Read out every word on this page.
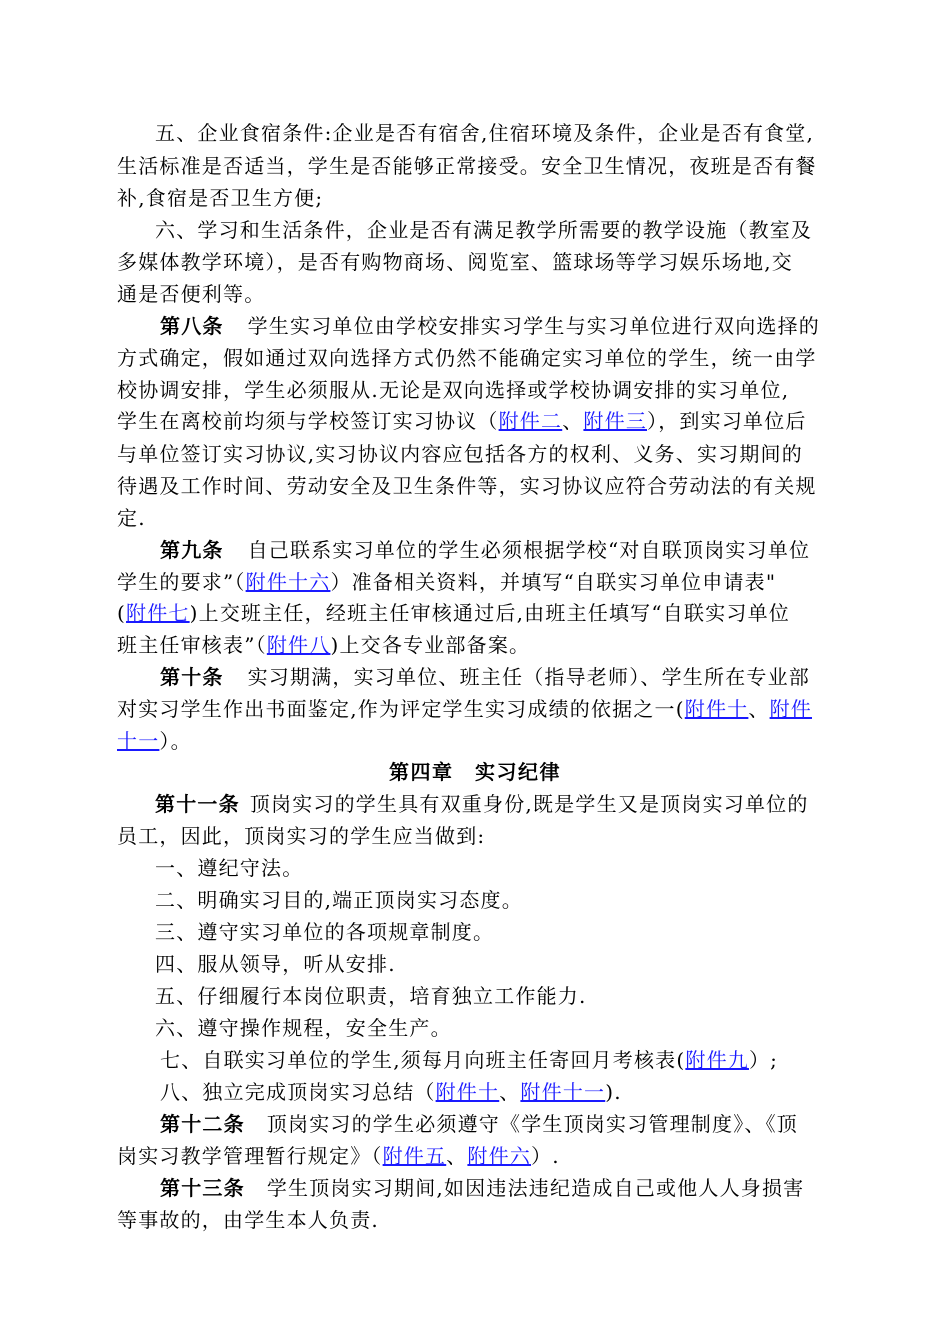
五、企业食宿条件:企业是否有宿舍,住宿环境及条件，企业是否有食堂,
生活标准是否适当，学生是否能够正常接受。安全卫生情况，夜班是否有餐
补,食宿是否卫生方便;
六、学习和生活条件，企业是否有满足教学所需要的教学设施（教室及
多媒体教学环境），是否有购物商场、阅览室、篮球场等学习娱乐场地,交
通是否便利等。
第八条 学生实习单位由学校安排实习学生与实习单位进行双向选择的
方式确定，假如通过双向选择方式仍然不能确定实习单位的学生，统一由学
校协调安排，学生必须服从.无论是双向选择或学校协调安排的实习单位,
学生在离校前均须与学校签订实习协议（附件二、附件三），到实习单位后
与单位签订实习协议,实习协议内容应包括各方的权利、义务、实习期间的
待遇及工作时间、劳动安全及卫生条件等，实习协议应符合劳动法的有关规
定.
第九条 自己联系实习单位的学生必须根据学校“对自联顶岗实习单位
学生的要求”（附件十六）准备相关资料，并填写“自联实习单位申请表"
(附件七)上交班主任，经班主任审核通过后,由班主任填写“自联实习单位
班主任审核表”（附件八)上交各专业部备案。
第十条 实习期满，实习单位、班主任（指导老师）、学生所在专业部
对实习学生作出书面鉴定,作为评定学生实习成绩的依据之一(附件十、附件
十一）。
第四章　实习纪律
第十一条 顶岗实习的学生具有双重身份,既是学生又是顶岗实习单位的
员工，因此，顶岗实习的学生应当做到:
一、遵纪守法。
二、明确实习目的,端正顶岗实习态度。
三、遵守实习单位的各项规章制度。
四、服从领导，听从安排.
五、仔细履行本岗位职责，培育独立工作能力.
六、遵守操作规程，安全生产。
七、自联实习单位的学生,须每月向班主任寄回月考核表(附件九）;
八、独立完成顶岗实习总结（附件十、附件十一).
第十二条 顶岗实习的学生必须遵守《学生顶岗实习管理制度》、《顶
岗实习教学管理暂行规定》（附件五、附件六）.
第十三条 学生顶岗实习期间,如因违法违纪造成自己或他人人身损害
等事故的，由学生本人负责.
